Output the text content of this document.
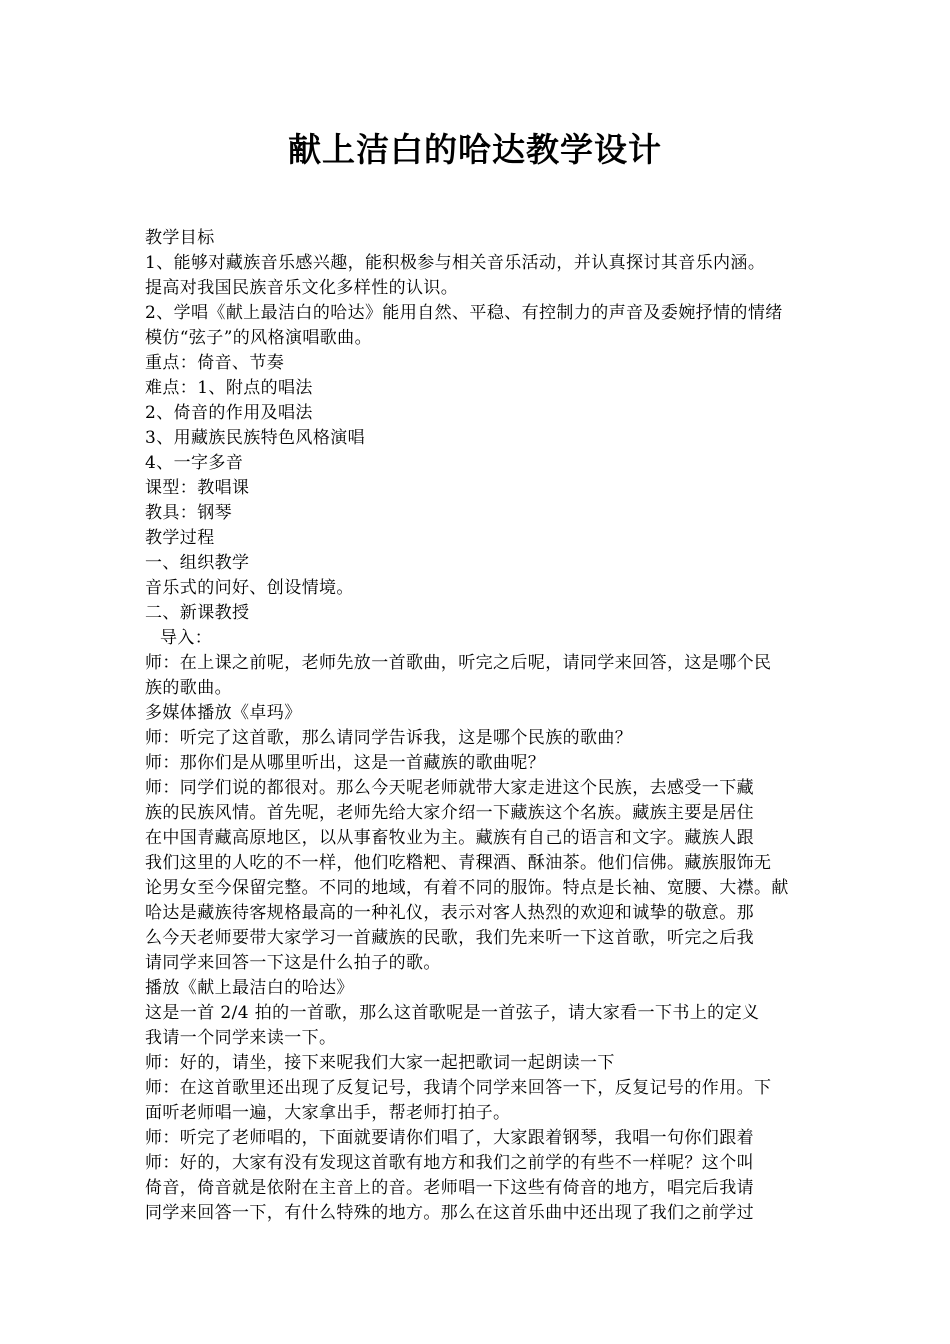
献上洁白的哈达教学设计
教学目标
1、能够对藏族音乐感兴趣，能积极参与相关音乐活动，并认真探讨其音乐内涵。
提高对我国民族音乐文化多样性的认识。
2、学唱《献上最洁白的哈达》能用自然、平稳、有控制力的声音及委婉抒情的情绪
模仿“弦子”的风格演唱歌曲。
重点：倚音、节奏
难点：1、附点的唱法
2、倚音的作用及唱法
3、用藏族民族特色风格演唱
4、一字多音
课型：教唱课
教具：钢琴
教学过程
一、组织教学
音乐式的问好、创设情境。
二、新课教授
导入：
师：在上课之前呢，老师先放一首歌曲，听完之后呢，请同学来回答，这是哪个民
族的歌曲。
多媒体播放《卓玛》
师：听完了这首歌，那么请同学告诉我，这是哪个民族的歌曲？
师：那你们是从哪里听出，这是一首藏族的歌曲呢？
师：同学们说的都很对。那么今天呢老师就带大家走进这个民族，去感受一下藏
族的民族风情。首先呢，老师先给大家介绍一下藏族这个名族。藏族主要是居住
在中国青藏高原地区，以从事畜牧业为主。藏族有自己的语言和文字。藏族人跟
我们这里的人吃的不一样，他们吃糌粑、青稞酒、酥油茶。他们信佛。藏族服饰无
论男女至今保留完整。不同的地域，有着不同的服饰。特点是长袖、宽腰、大襟。献
哈达是藏族待客规格最高的一种礼仪，表示对客人热烈的欢迎和诚挚的敬意。那
么今天老师要带大家学习一首藏族的民歌，我们先来听一下这首歌，听完之后我
请同学来回答一下这是什么拍子的歌。
播放《献上最洁白的哈达》
这是一首 2/4 拍的一首歌，那么这首歌呢是一首弦子，请大家看一下书上的定义
我请一个同学来读一下。
师：好的，请坐，接下来呢我们大家一起把歌词一起朗读一下
师：在这首歌里还出现了反复记号，我请个同学来回答一下，反复记号的作用。下
面听老师唱一遍，大家拿出手，帮老师打拍子。
师：听完了老师唱的，下面就要请你们唱了，大家跟着钢琴，我唱一句你们跟着
师：好的，大家有没有发现这首歌有地方和我们之前学的有些不一样呢？这个叫
倚音，倚音就是依附在主音上的音。老师唱一下这些有倚音的地方，唱完后我请
同学来回答一下，有什么特殊的地方。那么在这首乐曲中还出现了我们之前学过
